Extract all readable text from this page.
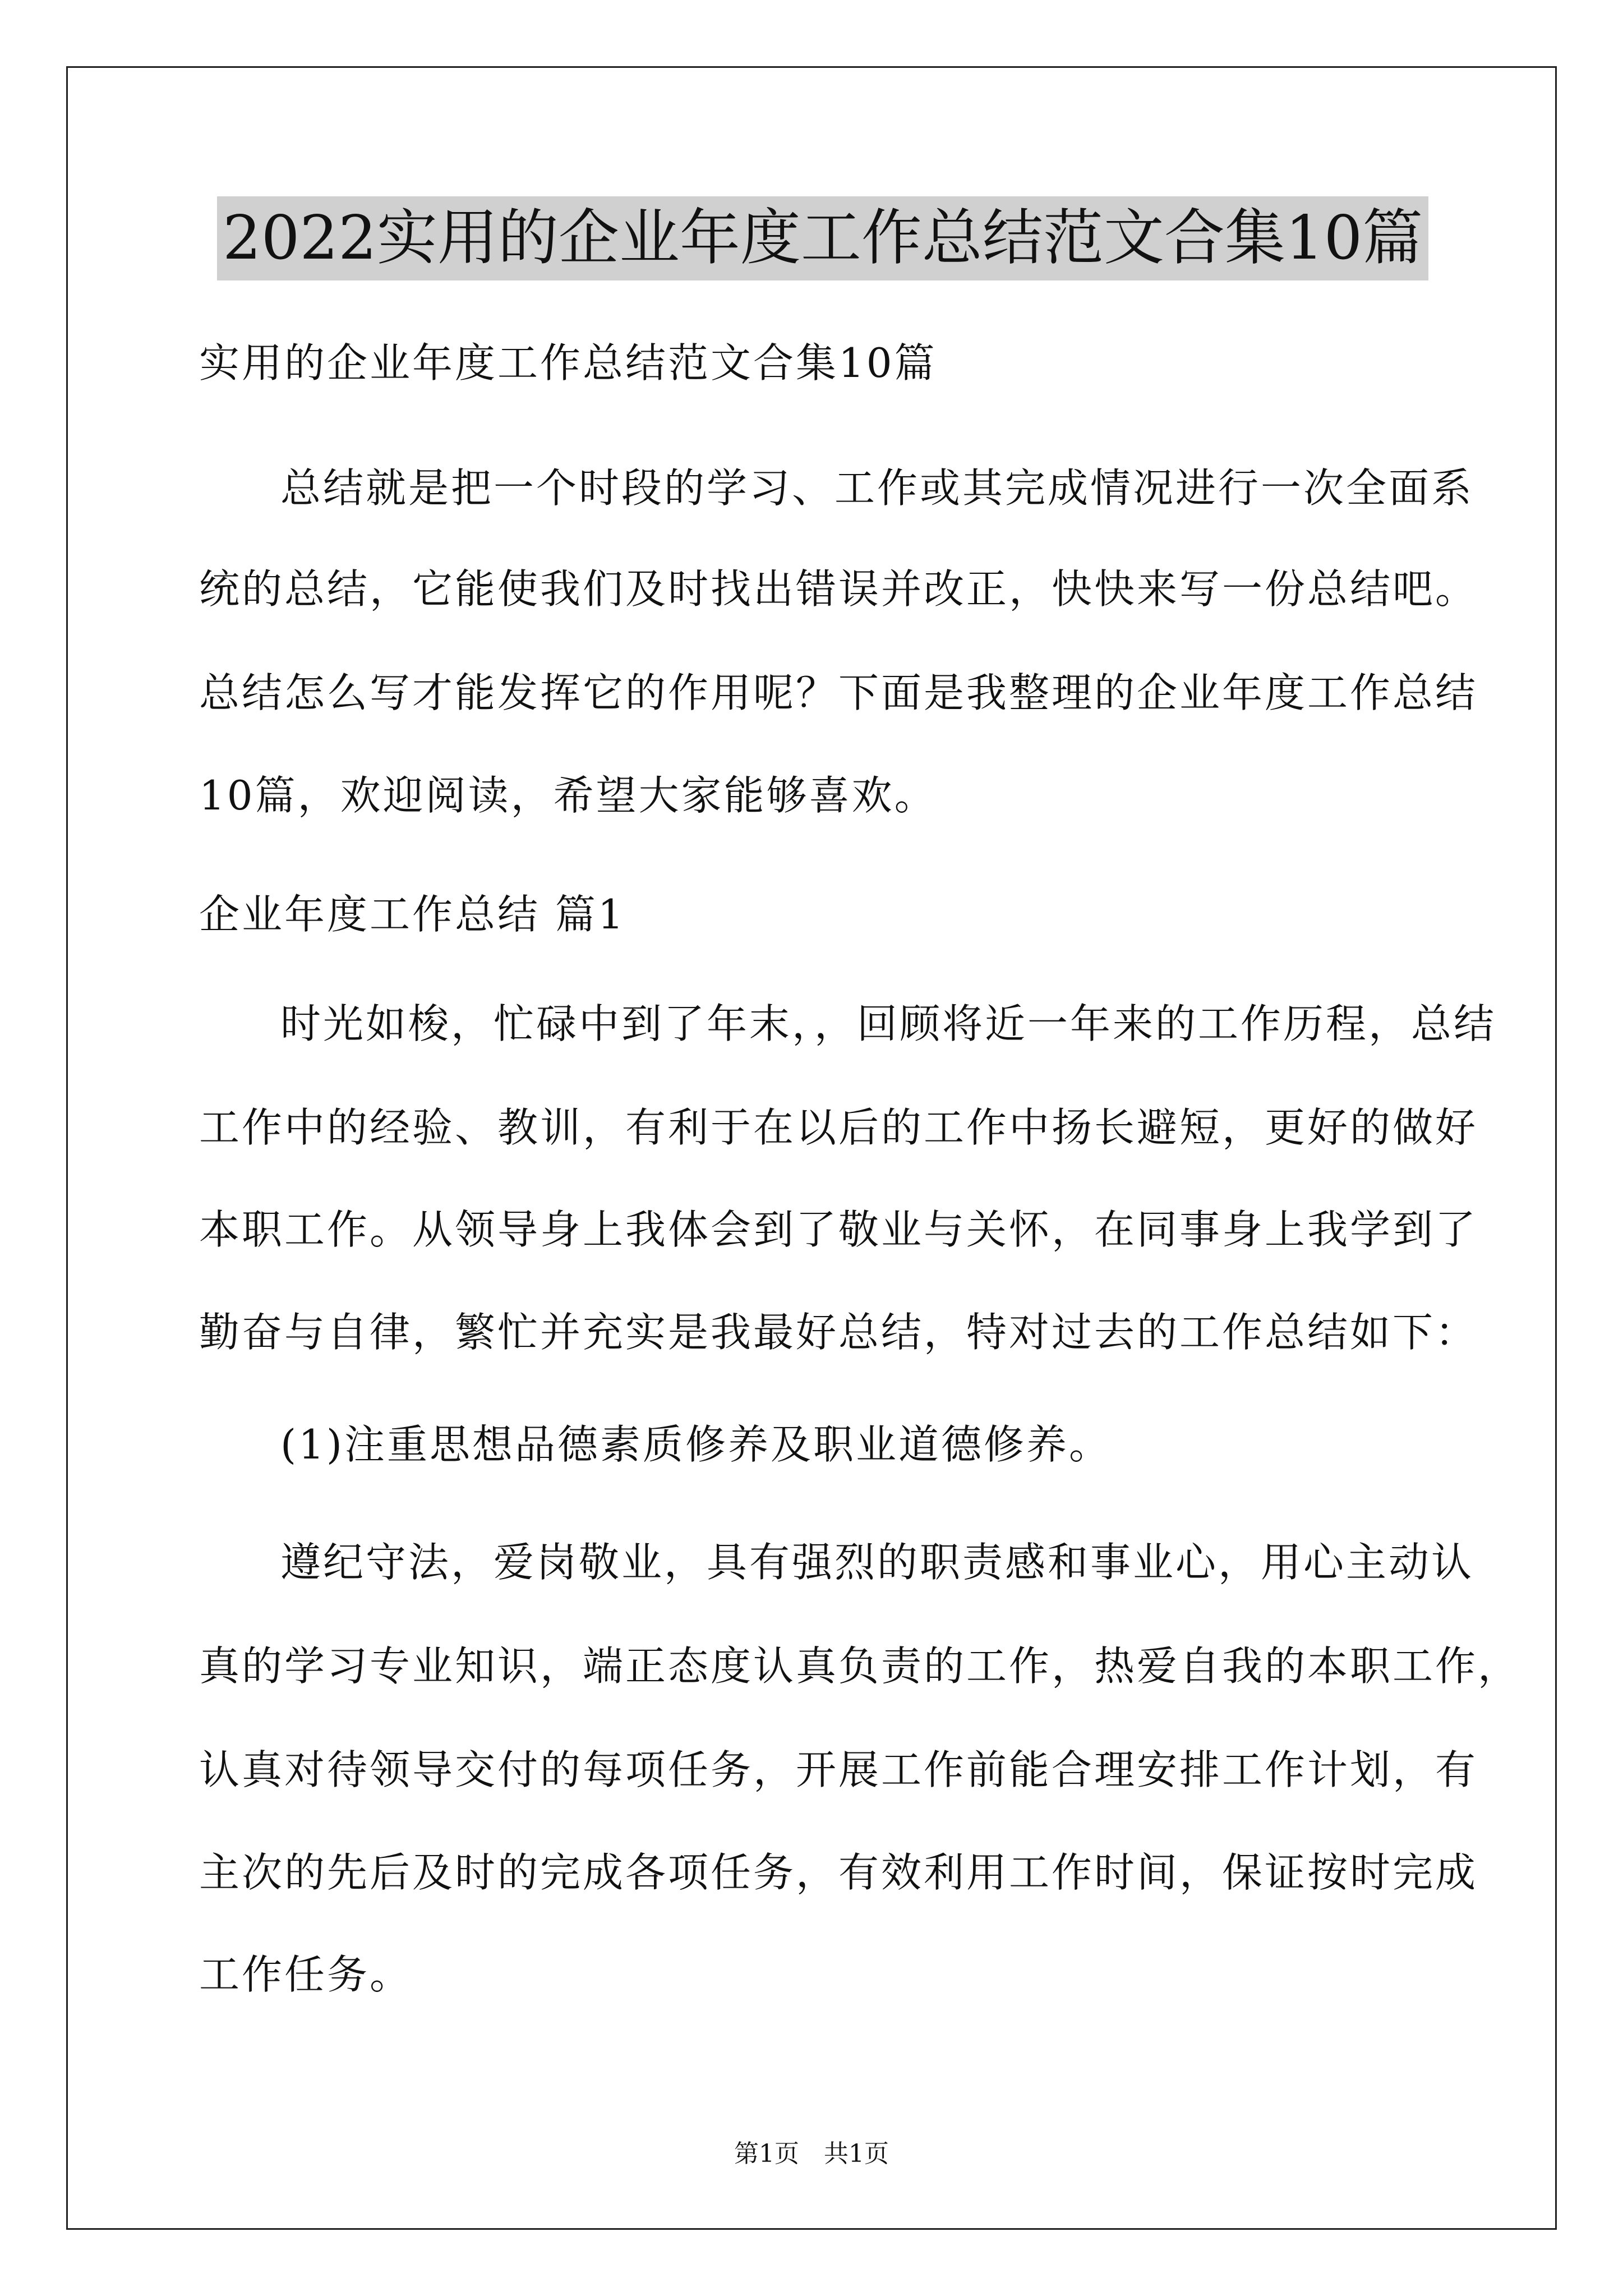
2022实用的企业年度工作总结范文合集10篇
实用的企业年度工作总结范文合集10篇
总结就是把一个时段的学习、工作或其完成情况进行一次全面系
统的总结，它能使我们及时找出错误并改正，快快来写一份总结吧。
总结怎么写才能发挥它的作用呢？下面是我整理的企业年度工作总结
10篇，欢迎阅读，希望大家能够喜欢。
企业年度工作总结 篇1
时光如梭，忙碌中到了年末，，回顾将近一年来的工作历程，总结
工作中的经验、教训，有利于在以后的工作中扬长避短，更好的做好
本职工作。从领导身上我体会到了敬业与关怀，在同事身上我学到了
勤奋与自律，繁忙并充实是我最好总结，特对过去的工作总结如下：
(1)注重思想品德素质修养及职业道德修养。
遵纪守法，爱岗敬业，具有强烈的职责感和事业心，用心主动认
真的学习专业知识，端正态度认真负责的工作，热爱自我的本职工作，
认真对待领导交付的每项任务，开展工作前能合理安排工作计划，有
主次的先后及时的完成各项任务，有效利用工作时间，保证按时完成
工作任务。
第1页　共1页
